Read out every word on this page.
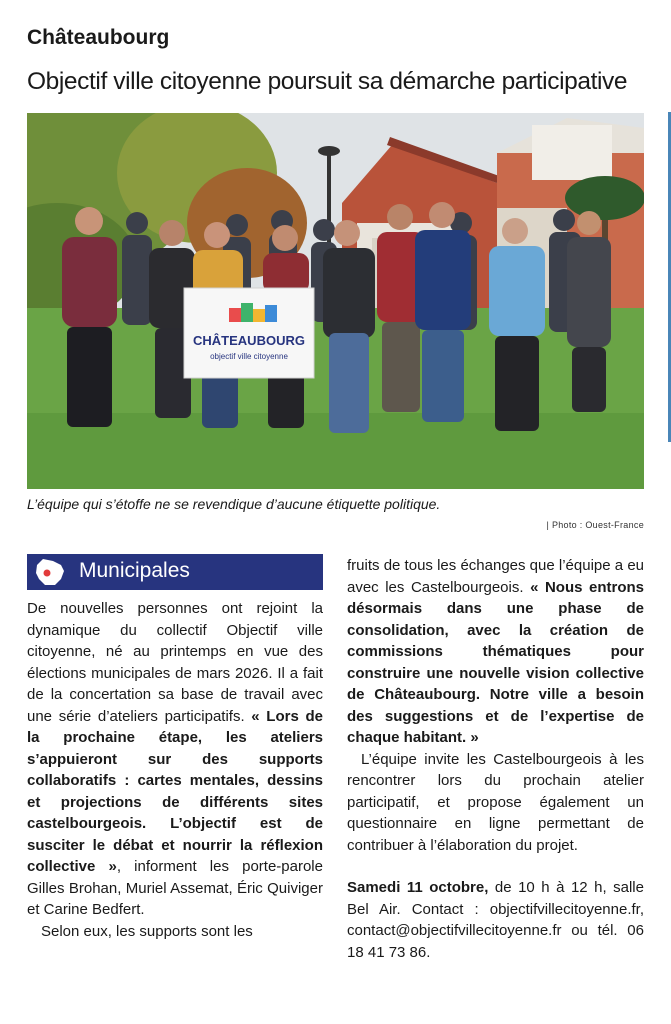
Châteaubourg
Objectif ville citoyenne poursuit sa démarche participative
CHÂTEAUBOURG
objectif ville citoyenne
L’équipe qui s’étoffe ne se revendique d’aucune étiquette politique.
| Photo : Ouest-France
Municipales

De nouvelles personnes ont rejoint la dynamique du collectif Objectif ville citoyenne, né au printemps en vue des élections municipales de mars 2026. Il a fait de la concertation sa base de travail avec une série d’ateliers participatifs. « Lors de la prochaine étape, les ateliers s’appuieront sur des supports collaboratifs : cartes mentales, dessins et projections de différents sites castelbourgeois. L’objectif est de susciter le débat et nourrir la réflexion collective », informent les porte-parole Gilles Brohan, Muriel Assemat, Éric Quiviger et Carine Bedfert.

Selon eux, les supports sont les

fruits de tous les échanges que l’équipe a eu avec les Castelbourgeois. « Nous entrons désormais dans une phase de consolidation, avec la création de commissions thématiques pour construire une nouvelle vision collective de Châteaubourg. Notre ville a besoin des suggestions et de l’expertise de chaque habitant. »

L’équipe invite les Castelbourgeois à les rencontrer lors du prochain atelier participatif, et propose également un questionnaire en ligne permettant de contribuer à l’élaboration du projet.

Samedi 11 octobre, de 10 h à 12 h, salle Bel Air. Contact : objectifvillecitoyenne.fr, contact@objectifvillecitoyenne.fr ou tél. 06 18 41 73 86.
